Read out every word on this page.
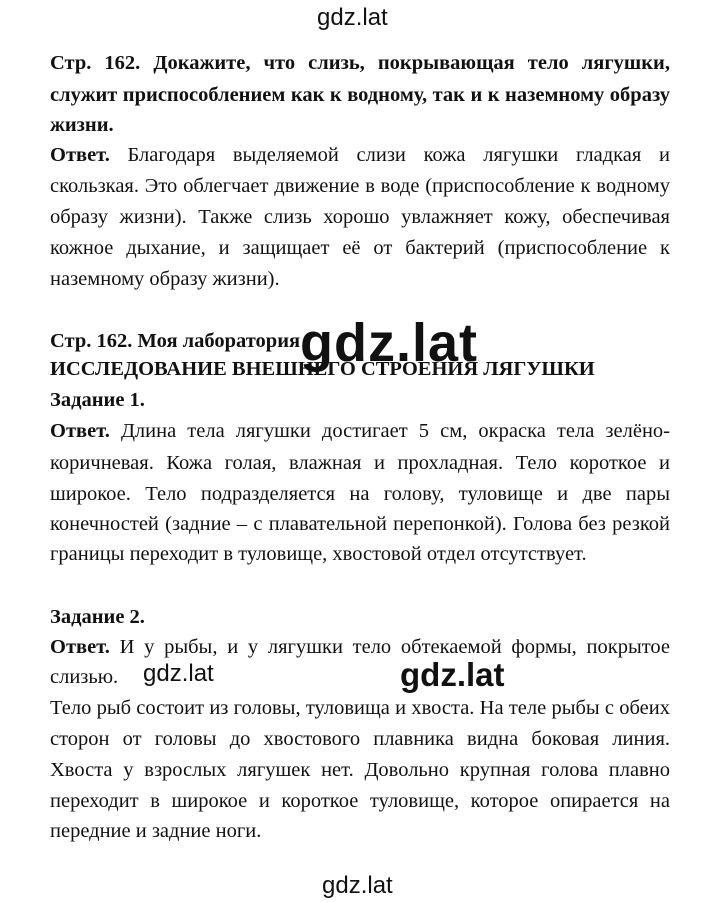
gdz.lat
gdz.lat
gdz.lat	gdz.lat
gdz.lat
Стр. 162. Докажите, что слизь, покрывающая тело лягушки,
служит приспособлением как к водному, так и к наземному образу
жизни.
Ответ. Благодаря выделяемой слизи кожа лягушки гладкая и
скользкая. Это облегчает движение в воде (приспособление к водному
образу жизни). Также слизь хорошо увлажняет кожу, обеспечивая
кожное дыхание, и защищает её от бактерий (приспособление к
наземному образу жизни).
Стр. 162. Моя лаборатория
ИССЛЕДОВАНИЕ ВНЕШНЕГО СТРОЕНИЯ ЛЯГУШКИ
Задание 1.
Ответ. Длина тела лягушки достигает 5 см, окраска тела зелёно-
коричневая. Кожа голая, влажная и прохладная. Тело короткое и
широкое. Тело подразделяется на голову, туловище и две пары
конечностей (задние – с плавательной перепонкой). Голова без резкой
границы переходит в туловище, хвостовой отдел отсутствует.
Задание 2.
Ответ. И у рыбы, и у лягушки тело обтекаемой формы, покрытое
слизью.
Тело рыб состоит из головы, туловища и хвоста. На теле рыбы с обеих
сторон от головы до хвостового плавника видна боковая линия.
Хвоста у взрослых лягушек нет. Довольно крупная голова плавно
переходит в широкое и короткое туловище, которое опирается на
передние и задние ноги.
